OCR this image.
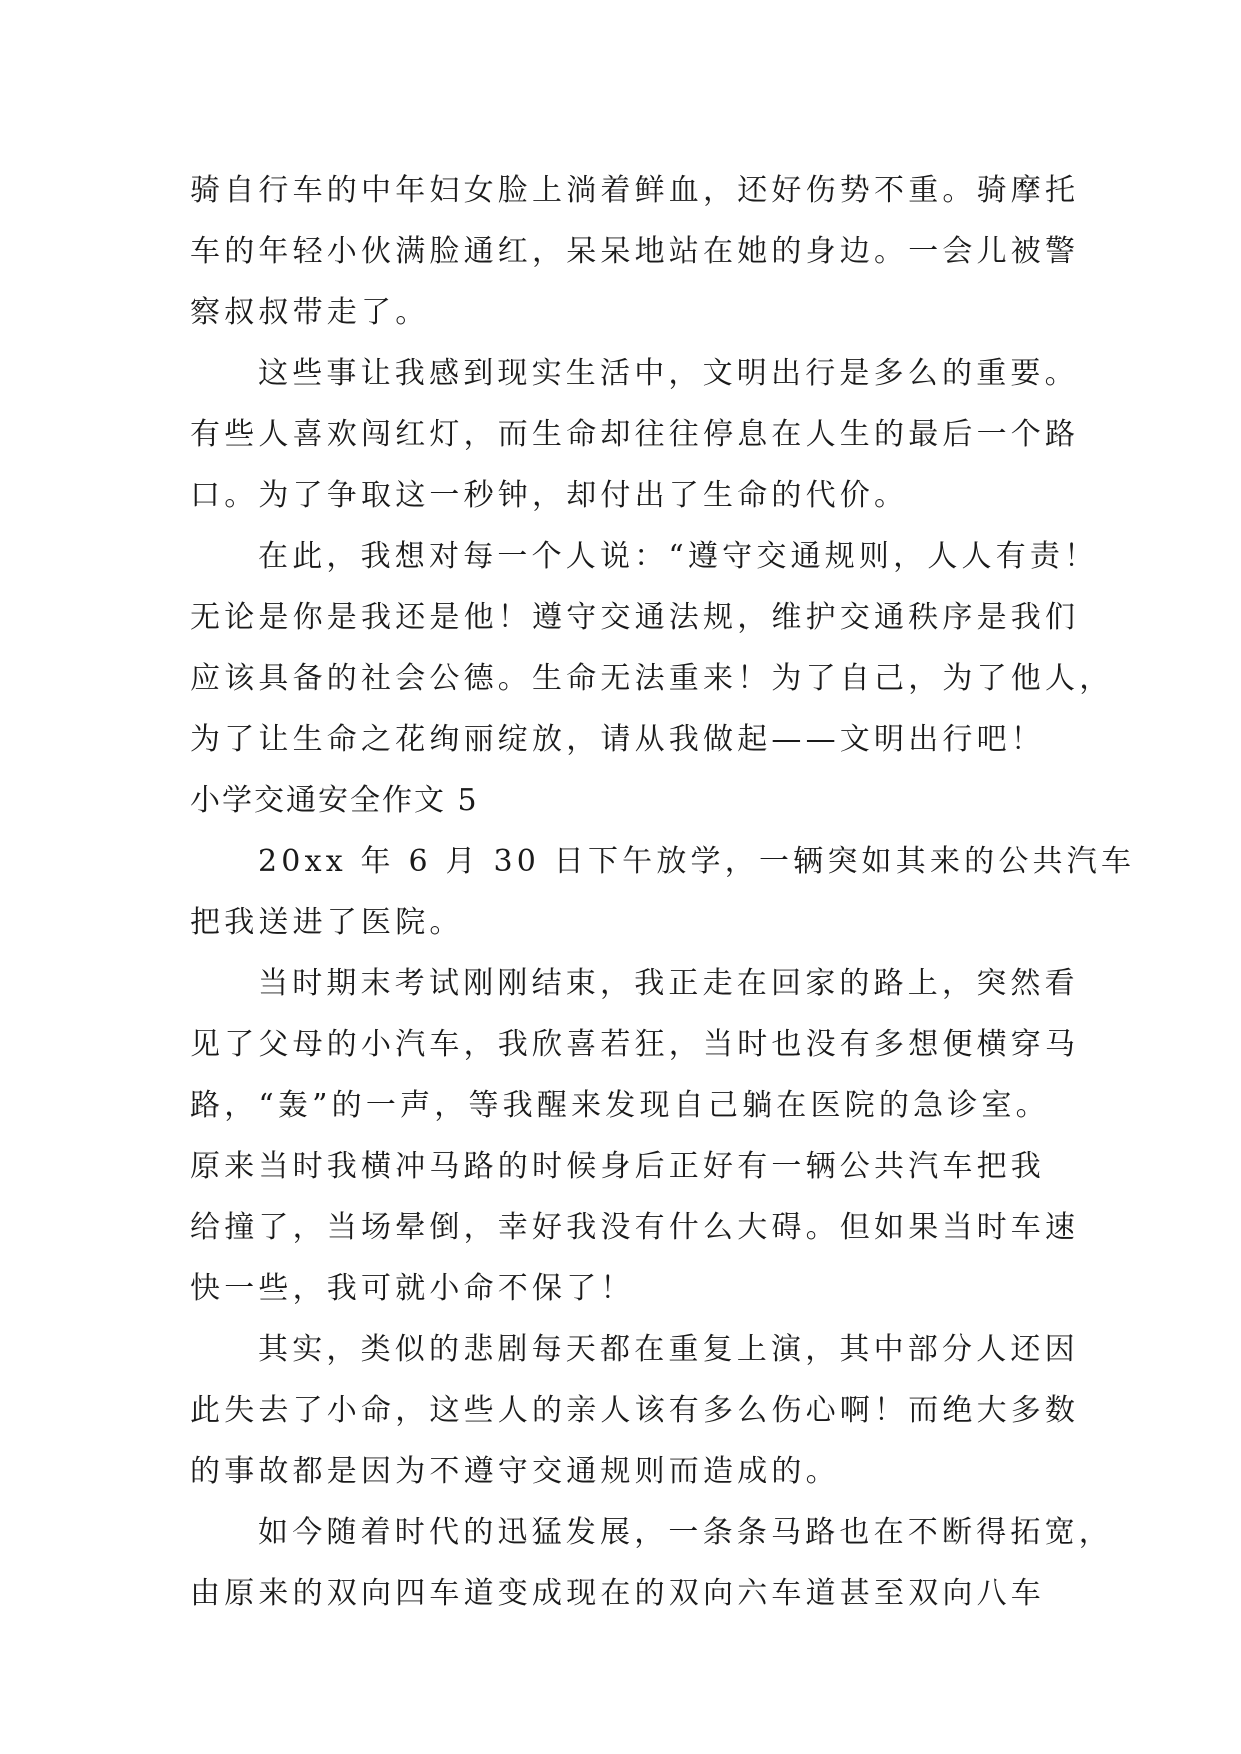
骑自行车的中年妇女脸上淌着鲜血，还好伤势不重。骑摩托
车的年轻小伙满脸通红，呆呆地站在她的身边。一会儿被警
察叔叔带走了。

这些事让我感到现实生活中，文明出行是多么的重要。
有些人喜欢闯红灯，而生命却往往停息在人生的最后一个路
口。为了争取这一秒钟，却付出了生命的代价。

在此，我想对每一个人说：“遵守交通规则，人人有责！
无论是你是我还是他！遵守交通法规，维护交通秩序是我们
应该具备的社会公德。生命无法重来！为了自己，为了他人，
为了让生命之花绚丽绽放，请从我做起——文明出行吧！

小学交通安全作文 5

20xx 年 6 月 30 日下午放学，一辆突如其来的公共汽车
把我送进了医院。

当时期末考试刚刚结束，我正走在回家的路上，突然看
见了父母的小汽车，我欣喜若狂，当时也没有多想便横穿马
路，“轰”的一声，等我醒来发现自己躺在医院的急诊室。
原来当时我横冲马路的时候身后正好有一辆公共汽车把我
给撞了，当场晕倒，幸好我没有什么大碍。但如果当时车速
快一些，我可就小命不保了！

其实，类似的悲剧每天都在重复上演，其中部分人还因
此失去了小命，这些人的亲人该有多么伤心啊！而绝大多数
的事故都是因为不遵守交通规则而造成的。

如今随着时代的迅猛发展，一条条马路也在不断得拓宽，
由原来的双向四车道变成现在的双向六车道甚至双向八车
